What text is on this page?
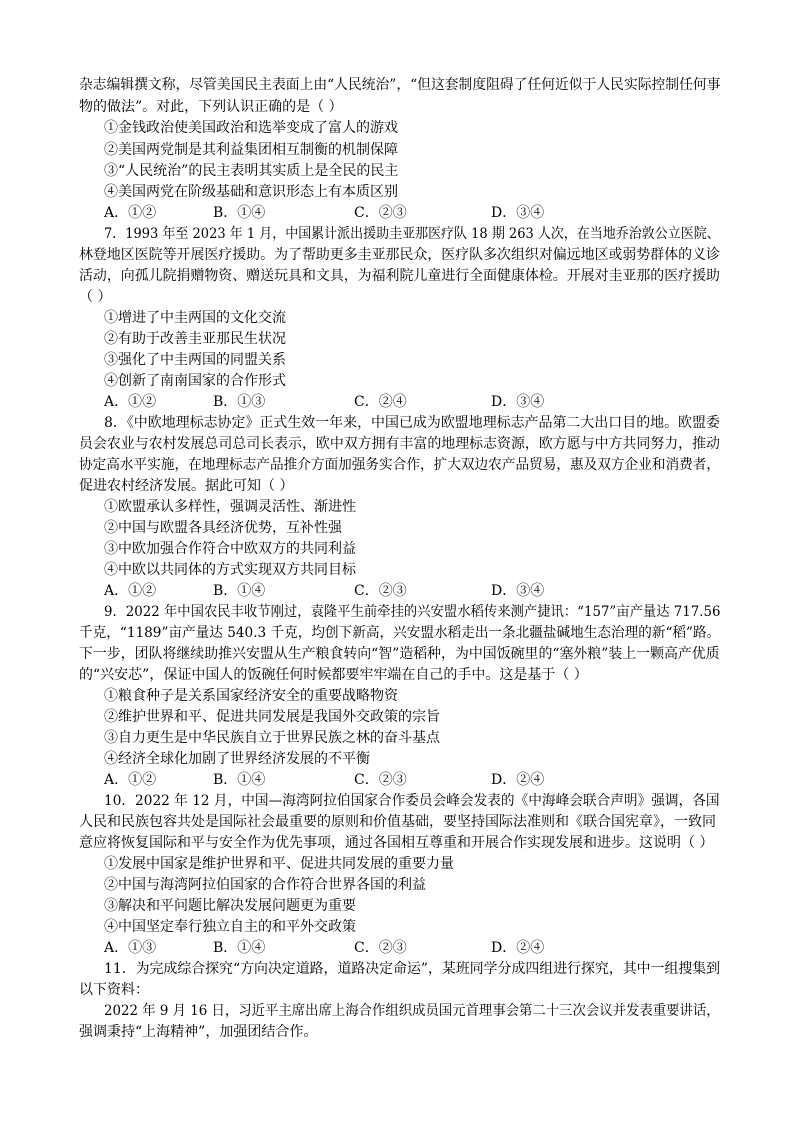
杂志编辑撰文称，尽管美国民主表面上由“人民统治”，“但这套制度阻碍了任何近似于人民实际控制任何事
物的做法”。对此，下列认识正确的是（ ）
①金钱政治使美国政治和选举变成了富人的游戏
②美国两党制是其利益集团相互制衡的机制保障
③“人民统治”的民主表明其实质上是全民的民主
④美国两党在阶级基础和意识形态上有本质区别
A．①②	B．①④	C．②③	D．③④
7．1993 年至 2023 年 1 月，中国累计派出援助圭亚那医疗队 18 期 263 人次，在当地乔治敦公立医院、
林登地区医院等开展医疗援助。为了帮助更多圭亚那民众，医疗队多次组织对偏远地区或弱势群体的义诊
活动，向孤儿院捐赠物资、赠送玩具和文具，为福利院儿童进行全面健康体检。开展对圭亚那的医疗援助
（ ）
①增进了中圭两国的文化交流
②有助于改善圭亚那民生状况
③强化了中圭两国的同盟关系
④创新了南南国家的合作形式
A．①②	B．①③	C．②④	D．③④
8．《中欧地理标志协定》正式生效一年来，中国已成为欧盟地理标志产品第二大出口目的地。欧盟委
员会农业与农村发展总司总司长表示，欧中双方拥有丰富的地理标志资源，欧方愿与中方共同努力，推动
协定高水平实施，在地理标志产品推介方面加强务实合作，扩大双边农产品贸易，惠及双方企业和消费者，
促进农村经济发展。据此可知（ ）
①欧盟承认多样性，强调灵活性、渐进性
②中国与欧盟各具经济优势，互补性强
③中欧加强合作符合中欧双方的共同利益
④中欧以共同体的方式实现双方共同目标
A．①②	B．①④	C．②③	D．③④
9．2022 年中国农民丰收节刚过，袁隆平生前牵挂的兴安盟水稻传来测产捷讯：“157”亩产量达 717.56
千克，“1189”亩产量达 540.3 千克，均创下新高，兴安盟水稻走出一条北疆盐碱地生态治理的新“稻”路。
下一步，团队将继续助推兴安盟从生产粮食转向“智”造稻种，为中国饭碗里的“塞外粮”装上一颗高产优质
的“兴安芯”，保证中国人的饭碗任何时候都要牢牢端在自己的手中。这是基于（ ）
①粮食种子是关系国家经济安全的重要战略物资
②维护世界和平、促进共同发展是我国外交政策的宗旨
③自力更生是中华民族自立于世界民族之林的奋斗基点
④经济全球化加剧了世界经济发展的不平衡
A．①②	B．①④	C．②③	D．②④
10．2022 年 12 月，中国—海湾阿拉伯国家合作委员会峰会发表的《中海峰会联合声明》强调，各国
人民和民族包容共处是国际社会最重要的原则和价值基础，要坚持国际法准则和《联合国宪章》，一致同
意应将恢复国际和平与安全作为优先事项，通过各国相互尊重和开展合作实现发展和进步。这说明（ ）
①发展中国家是维护世界和平、促进共同发展的重要力量
②中国与海湾阿拉伯国家的合作符合世界各国的利益
③解决和平问题比解决发展问题更为重要
④中国坚定奉行独立自主的和平外交政策
A．①③	B．①④	C．②③	D．②④
11．为完成综合探究“方向决定道路，道路决定命运”，某班同学分成四组进行探究，其中一组搜集到
以下资料：
2022 年 9 月 16 日，习近平主席出席上海合作组织成员国元首理事会第二十三次会议并发表重要讲话，
强调秉持“上海精神”，加强团结合作。
